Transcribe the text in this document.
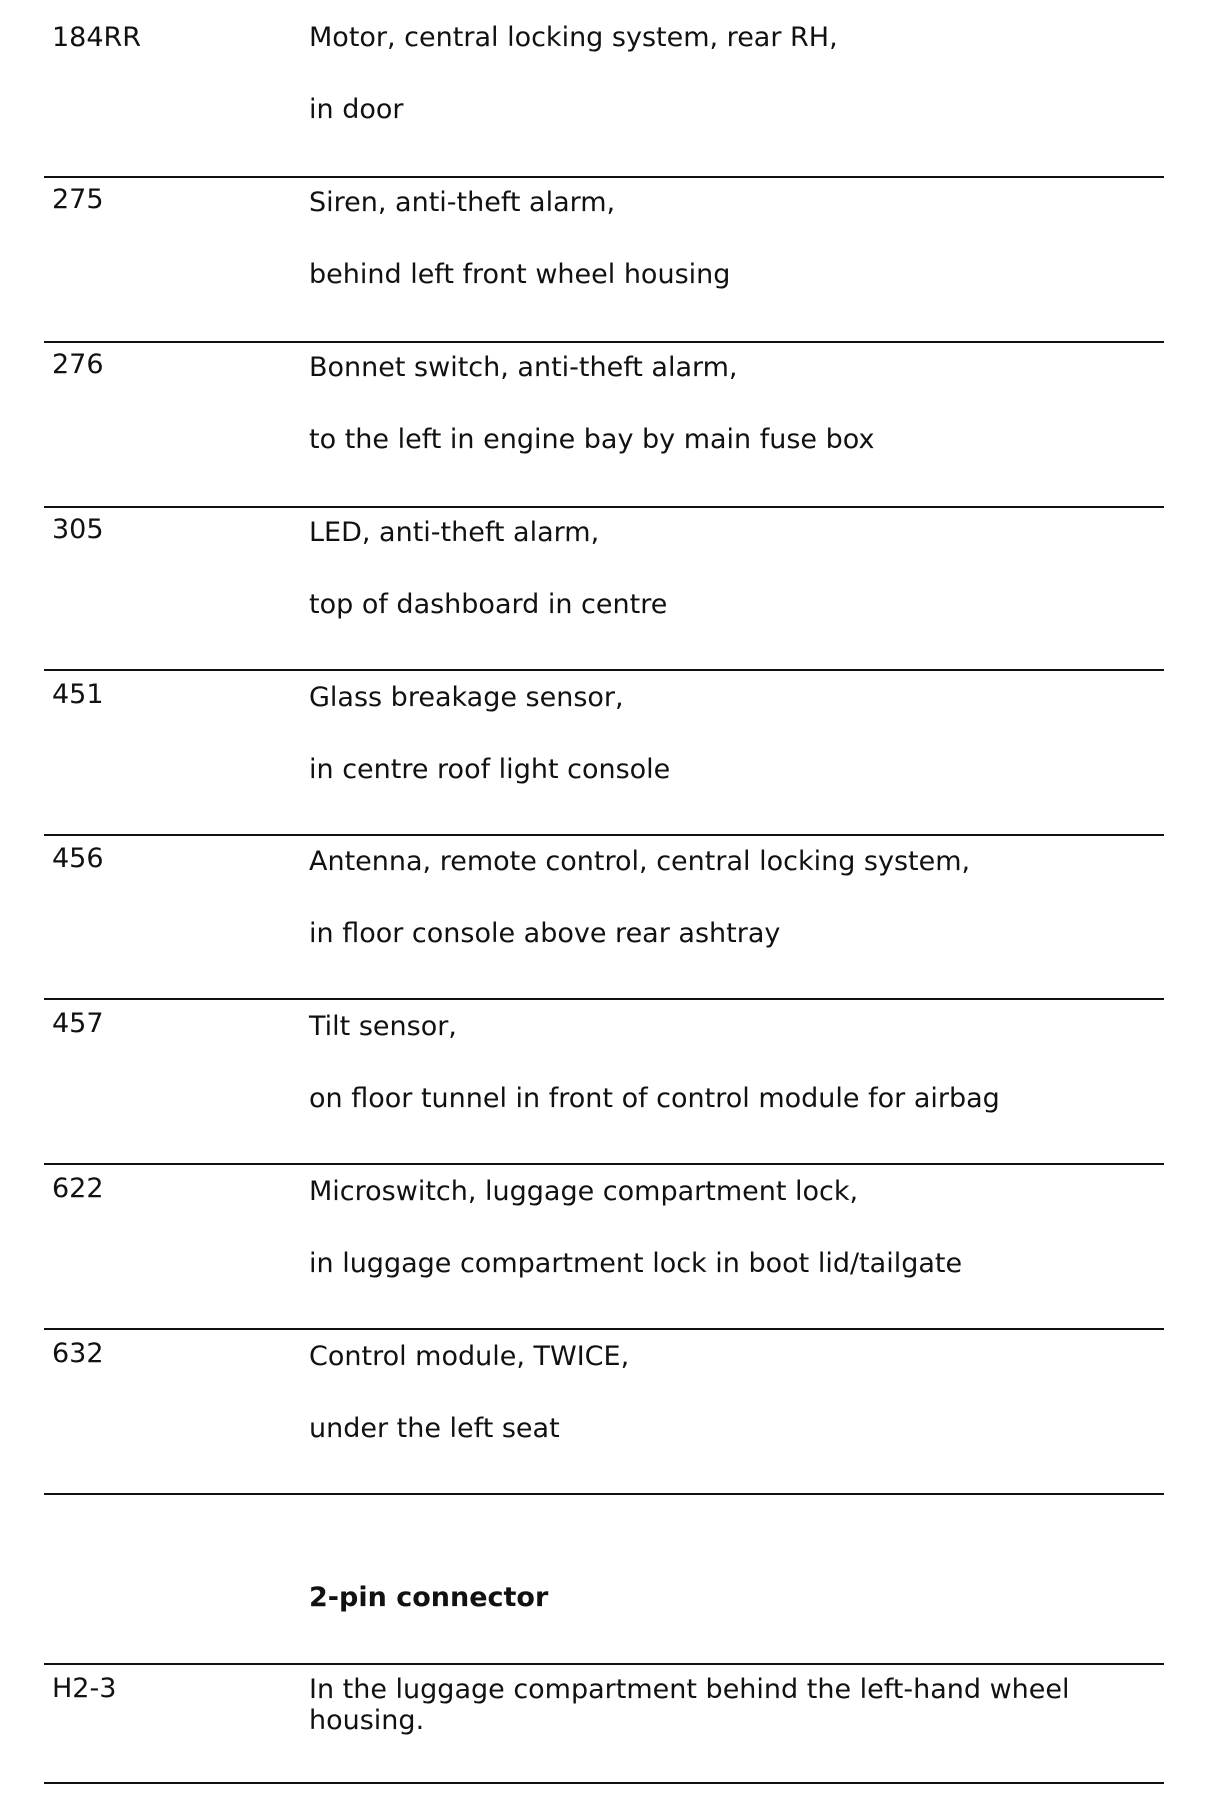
184RR	Motor, central locking system, rear RH,
in door
275	Siren, anti-theft alarm,
behind left front wheel housing
276	Bonnet switch, anti-theft alarm,
to the left in engine bay by main fuse box
305	LED, anti-theft alarm,
top of dashboard in centre
451	Glass breakage sensor,
in centre roof light console
456	Antenna, remote control, central locking system,
in floor console above rear ashtray
457	Tilt sensor,
on floor tunnel in front of control module for airbag
622	Microswitch, luggage compartment lock,
in luggage compartment lock in boot lid/tailgate
632	Control module, TWICE,
under the left seat
2-pin connector
H2-3	In the luggage compartment behind the left-hand wheel housing.
